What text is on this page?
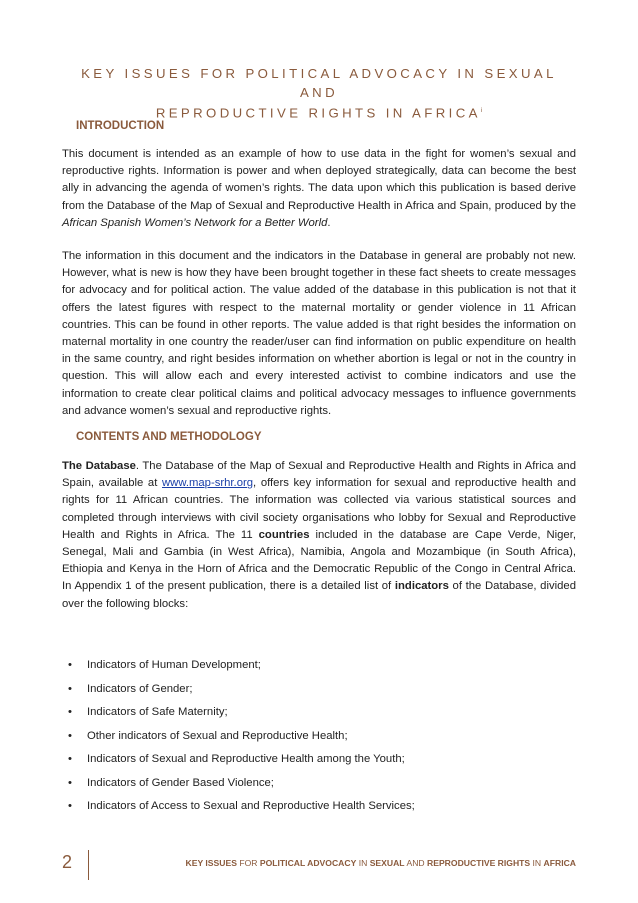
KEY ISSUES FOR POLITICAL ADVOCACY IN SEXUAL AND
REPRODUCTIVE RIGHTS IN AFRICA$^i$
INTRODUCTION

This document is intended as an example of how to use data in the fight for women’s sexual and reproductive rights. Information is power and when deployed strategically, data can become the best ally in advancing the agenda of women’s rights. The data upon which this publication is based derive from the Database of the Map of Sexual and Reproductive Health in Africa and Spain, produced by the African Spanish Women’s Network for a Better World.

The information in this document and the indicators in the Database in general are probably not new. However, what is new is how they have been brought together in these fact sheets to create messages for advocacy and for political action. The value added of the database in this publication is not that it offers the latest figures with respect to the maternal mortality or gender violence in 11 African countries. This can be found in other reports. The value added is that right besides the information on maternal mortality in one country the reader/user can find information on public expenditure on health in the same country, and right besides information on whether abortion is legal or not in the country in question. This will allow each and every interested activist to combine indicators and use the information to create clear political claims and political advocacy messages to influence governments and advance women’s sexual and reproductive rights.

CONTENTS AND METHODOLOGY

The Database. The Database of the Map of Sexual and Reproductive Health and Rights in Africa and Spain, available at www.map-srhr.org, offers key information for sexual and reproductive health and rights for 11 African countries. The information was collected via various statistical sources and completed through interviews with civil society organisations who lobby for Sexual and Reproductive Health and Rights in Africa. The 11 countries included in the database are Cape Verde, Niger, Senegal, Mali and Gambia (in West Africa), Namibia, Angola and Mozambique (in South Africa), Ethiopia and Kenya in the Horn of Africa and the Democratic Republic of the Congo in Central Africa. In Appendix 1 of the present publication, there is a detailed list of indicators of the Database, divided over the following blocks:

• Indicators of Human Development;
• Indicators of Gender;
• Indicators of Safe Maternity;
• Other indicators of Sexual and Reproductive Health;
• Indicators of Sexual and Reproductive Health among the Youth;
• Indicators of Gender Based Violence;
• Indicators of Access to Sexual and Reproductive Health Services;
2	KEY ISSUES FOR POLITICAL ADVOCACY IN SEXUAL AND REPRODUCTIVE RIGHTS IN AFRICA
